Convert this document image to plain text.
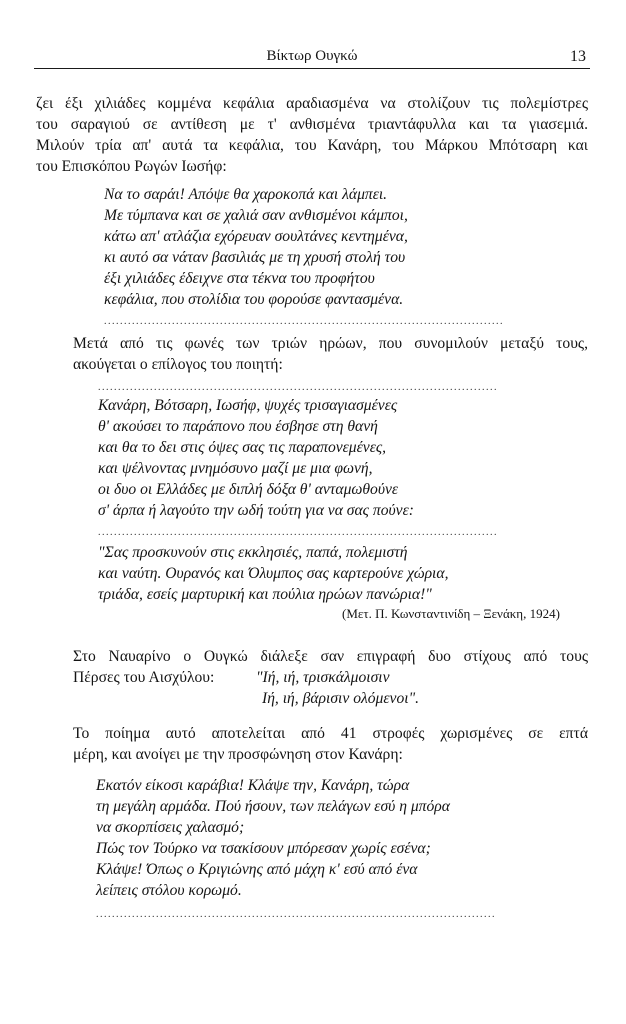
Βίκτωρ Ουγκώ	13
ζει έξι χιλιάδες κομμένα κεφάλια αραδιασμένα να στολίζουν τις πολεμίστρες
του σαραγιού σε αντίθεση με τ' ανθισμένα τριαντάφυλλα και τα γιασεμιά.
Μιλούν τρία απ' αυτά τα κεφάλια, του Κανάρη, του Μάρκου Μπότσαρη και
του Επισκόπου Ρωγών Ιωσήφ:
Να το σαράι! Απόψε θα χαροκοπά και λάμπει.
Με τύμπανα και σε χαλιά σαν ανθισμένοι κάμποι,
κάτω απ' ατλάζια εχόρευαν σουλτάνες κεντημένα,
κι αυτό σα νάταν βασιλιάς με τη χρυσή στολή του
έξι χιλιάδες έδειχνε στα τέκνα του προφήτου
κεφάλια, που στολίδια του φορούσε φαντασμένα.
....................................................................................................
Μετά από τις φωνές των τριών ηρώων, που συνομιλούν μεταξύ τους,
ακούγεται ο επίλογος του ποιητή:
....................................................................................................
Κανάρη, Βότσαρη, Ιωσήφ, ψυχές τρισαγιασμένες
θ' ακούσει το παράπονο που έσβησε στη θανή
και θα το δει στις όψες σας τις παραπονεμένες,
και ψέλνοντας μνημόσυνο μαζί με μια φωνή,
οι δυο οι Ελλάδες με διπλή δόξα θ' ανταμωθούνε
σ' άρπα ή λαγούτο την ωδή τούτη για να σας πούνε:
....................................................................................................
"Σας προσκυνούν στις εκκλησιές, παπά, πολεμιστή
και ναύτη. Ουρανός και Όλυμπος σας καρτερούνε χώρια,
τριάδα, εσείς μαρτυρική και πούλια ηρώων πανώρια!"
(Μετ. Π. Κωνσταντινίδη – Ξενάκη, 1924)
Στο Ναυαρίνο ο Ουγκώ διάλεξε σαν επιγραφή δυο στίχους από τους
Πέρσες του Αισχύλου:	"Ιή, ιή, τρισκάλμοισιν
Ιή, ιή, βάρισιν ολόμενοι".
Το ποίημα αυτό αποτελείται από 41 στροφές χωρισμένες σε επτά
μέρη, και ανοίγει με την προσφώνηση στον Κανάρη:
Εκατόν είκοσι καράβια! Κλάψε την, Κανάρη, τώρα
τη μεγάλη αρμάδα. Πού ήσουν, των πελάγων εσύ η μπόρα
να σκορπίσεις χαλασμό;
Πώς τον Τούρκο να τσακίσουν μπόρεσαν χωρίς εσένα;
Κλάψε! Όπως ο Κριγιώνης από μάχη κ' εσύ από ένα
λείπεις στόλου κορωμό.
....................................................................................................
